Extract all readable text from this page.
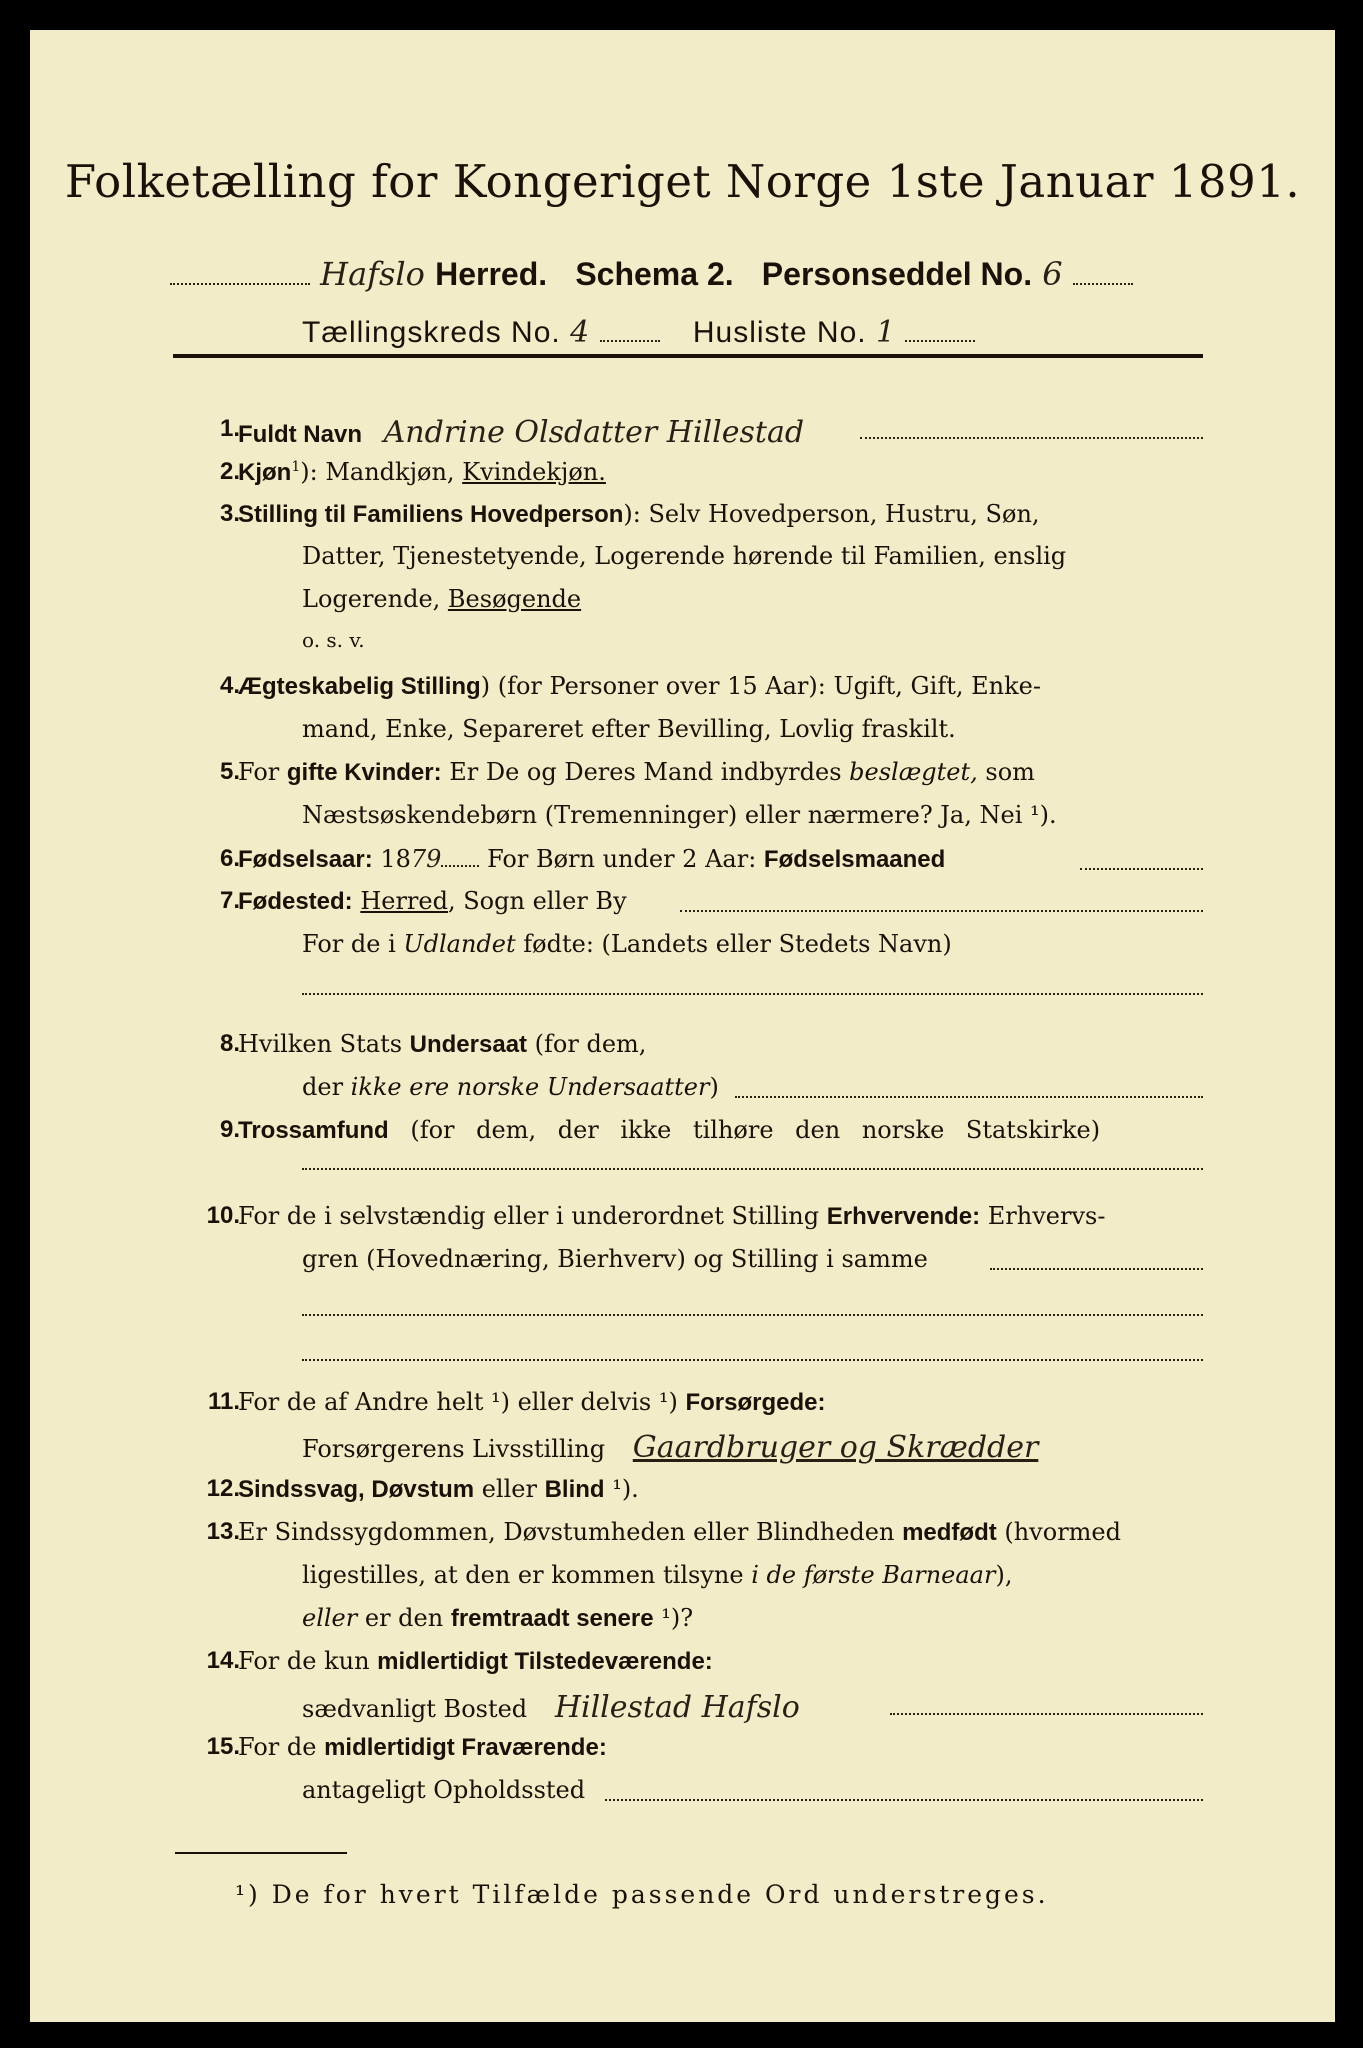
Folketælling for Kongeriget Norge 1ste Januar 1891.
Hafslo Herred. Schema 2. Personseddel No. 6
Tællingskreds No. 4	Husliste No. 1
1.
Fuldt Navn Andrine Olsdatter Hillestad
2.
Kjøn$^1$): Mandkjøn, Kvindekjøn.
3.
Stilling til Familiens Hovedperson): Selv Hovedperson, Hustru, Søn,
Datter, Tjenestetyende, Logerende hørende til Familien, enslig
Logerende, Besøgende
o. s. v.
4.
Ægteskabelig Stilling) (for Personer over 15 Aar): Ugift, Gift, Enke-
mand, Enke, Separeret efter Bevilling, Lovlig fraskilt.
5.
For gifte Kvinder: Er De og Deres Mand indbyrdes beslægtet, som
Næstsøskendebørn (Tremenninger) eller nærmere? Ja, Nei ¹).
6.
Fødselsaar: 1879 For Børn under 2 Aar: Fødselsmaaned
7.
Fødested: Herred, Sogn eller By
For de i Udlandet fødte: (Landets eller Stedets Navn)
8.
Hvilken Stats Undersaat (for dem,
der ikke ere norske Undersaatter)
9.
Trossamfund (for dem, der ikke tilhøre den norske Statskirke)
10.
For de i selvstændig eller i underordnet Stilling Erhvervende: Erhvervs-
gren (Hovednæring, Bierhverv) og Stilling i samme
11.
For de af Andre helt ¹) eller delvis ¹) Forsørgede:
Forsørgerens Livsstilling Gaardbruger og Skrædder
12.
Sindssvag, Døvstum eller Blind ¹).
13.
Er Sindssygdommen, Døvstumheden eller Blindheden medfødt (hvormed
ligestilles, at den er kommen tilsyne i de første Barneaar),
eller er den fremtraadt senere ¹)?
14.
For de kun midlertidigt Tilstedeværende:
sædvanligt Bosted Hillestad Hafslo
15.
For de midlertidigt Fraværende:
antageligt Opholdssted
¹) De for hvert Tilfælde passende Ord understreges.
